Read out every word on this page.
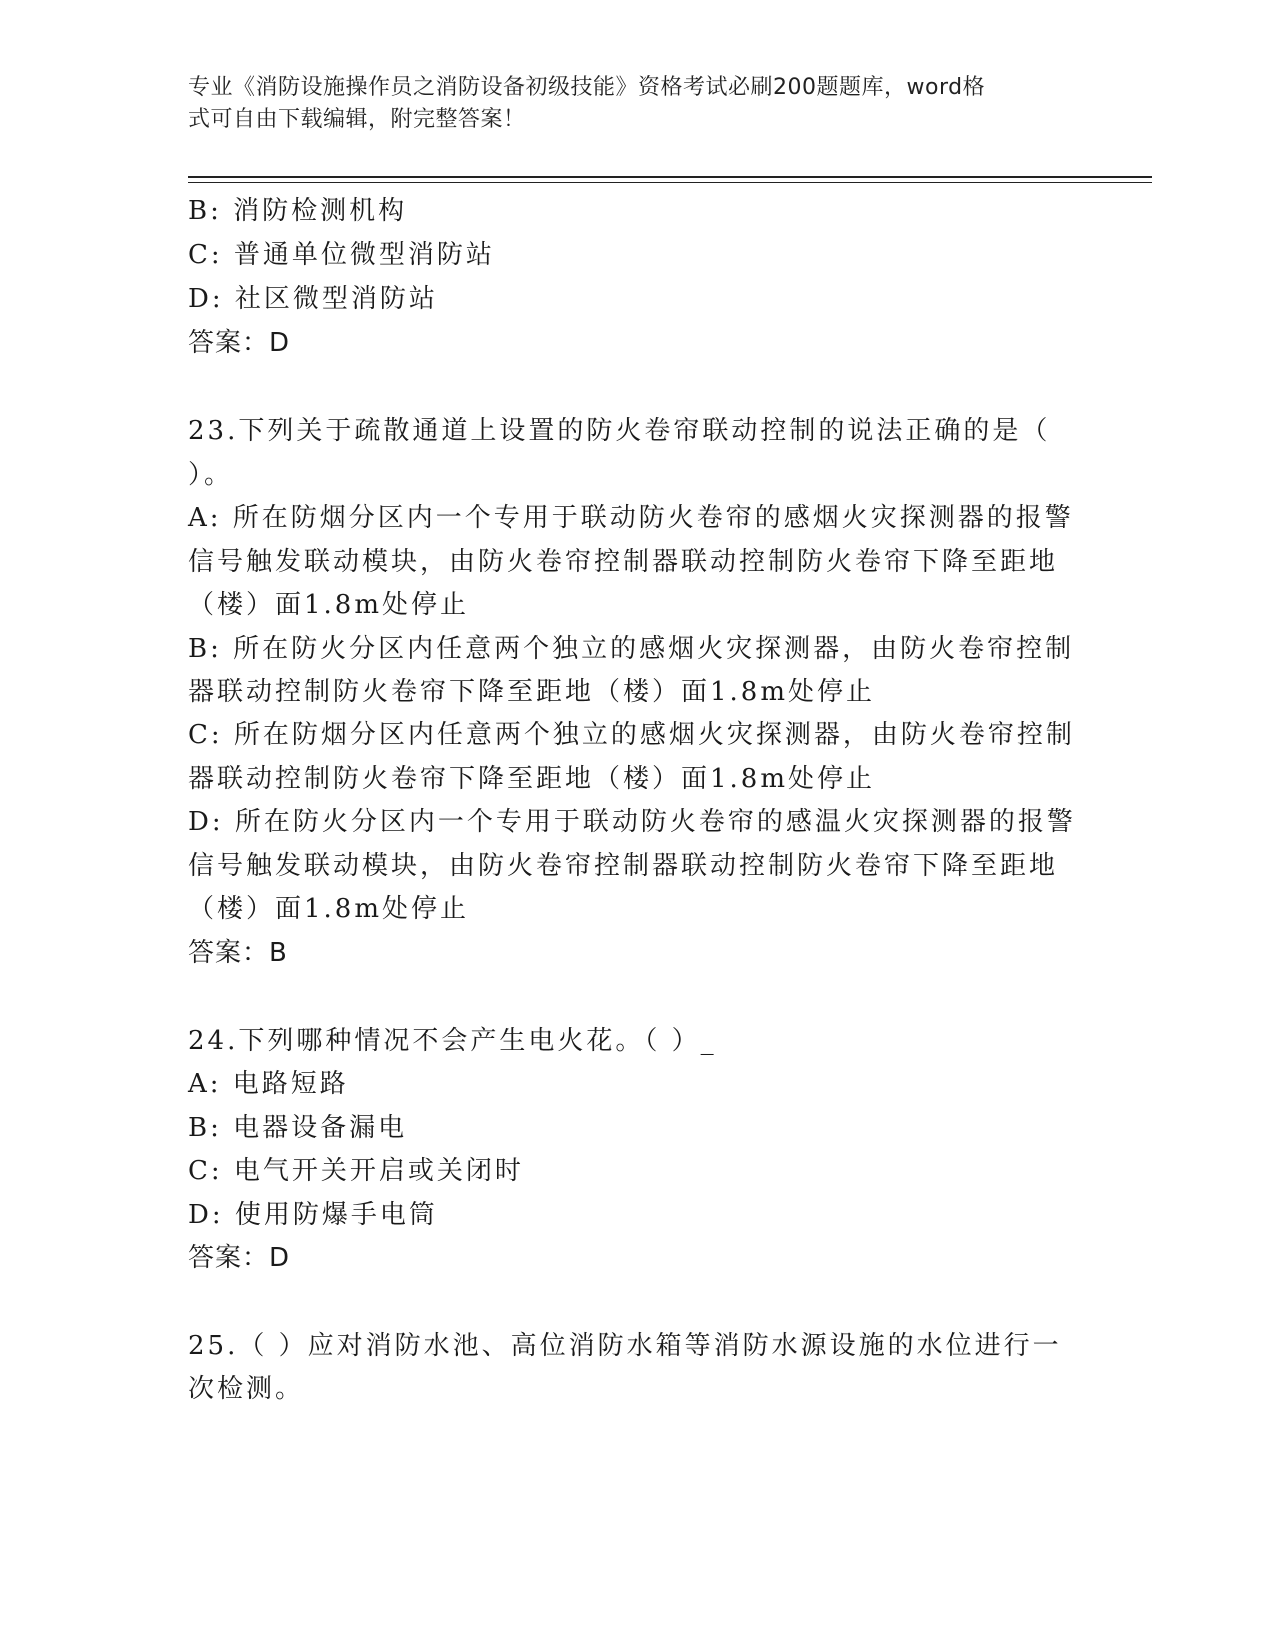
专业《消防设施操作员之消防设备初级技能》资格考试必刷200题题库，word格
式可自由下载编辑，附完整答案！
B: 消防检测机构
C: 普通单位微型消防站
D: 社区微型消防站
答案：D
23.下列关于疏散通道上设置的防火卷帘联动控制的说法正确的是（
）。
A: 所在防烟分区内一个专用于联动防火卷帘的感烟火灾探测器的报警
信号触发联动模块，由防火卷帘控制器联动控制防火卷帘下降至距地
（楼）面1.8m处停止
B: 所在防火分区内任意两个独立的感烟火灾探测器，由防火卷帘控制
器联动控制防火卷帘下降至距地（楼）面1.8m处停止
C: 所在防烟分区内任意两个独立的感烟火灾探测器，由防火卷帘控制
器联动控制防火卷帘下降至距地（楼）面1.8m处停止
D: 所在防火分区内一个专用于联动防火卷帘的感温火灾探测器的报警
信号触发联动模块，由防火卷帘控制器联动控制防火卷帘下降至距地
（楼）面1.8m处停止
答案：B
24.下列哪种情况不会产生电火花。（ ）_
A: 电路短路
B: 电器设备漏电
C: 电气开关开启或关闭时
D: 使用防爆手电筒
答案：D
25.（ ）应对消防水池、高位消防水箱等消防水源设施的水位进行一
次检测。
